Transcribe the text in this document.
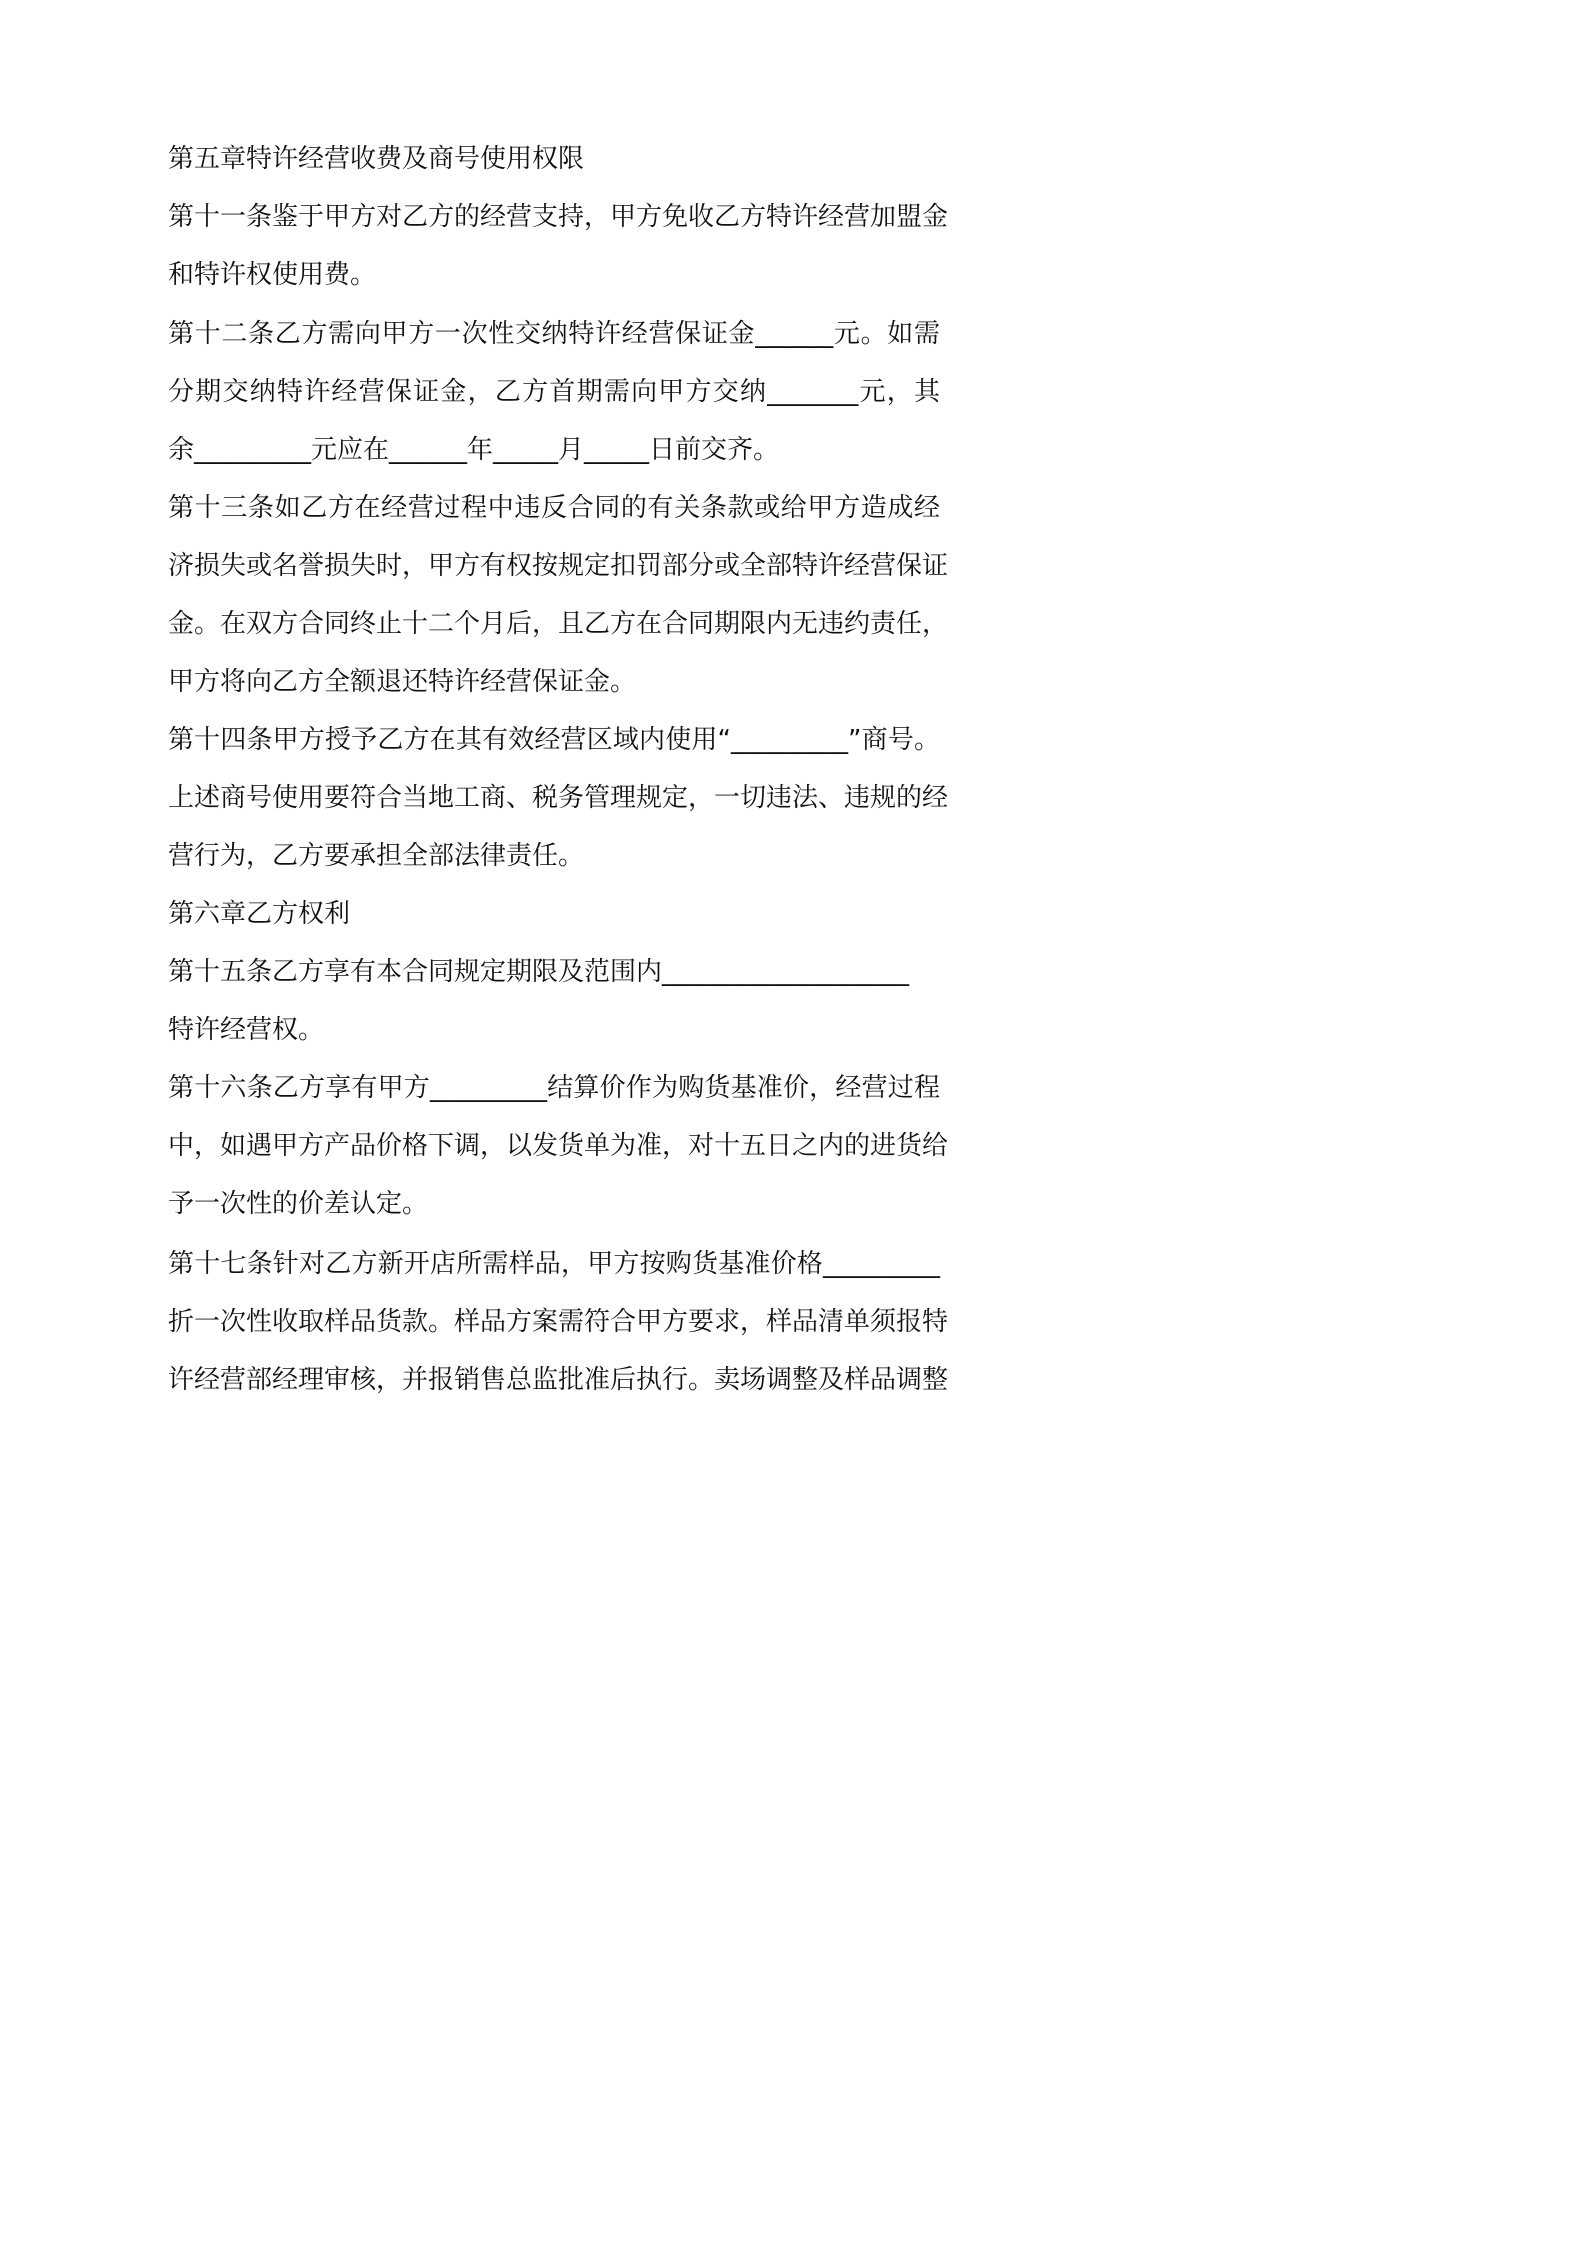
第五章特许经营收费及商号使用权限

第十一条鉴于甲方对乙方的经营支持，甲方免收乙方特许经营加盟金

和特许权使用费。

第十二条乙方需向甲方一次性交纳特许经营保证金______元。如需

分期交纳特许经营保证金，乙方首期需向甲方交纳_______元，其

余_________元应在______年_____月_____日前交齐。

第十三条如乙方在经营过程中违反合同的有关条款或给甲方造成经

济损失或名誉损失时，甲方有权按规定扣罚部分或全部特许经营保证

金。在双方合同终止十二个月后，且乙方在合同期限内无违约责任，

甲方将向乙方全额退还特许经营保证金。

第十四条甲方授予乙方在其有效经营区域内使用“_________”商号。

上述商号使用要符合当地工商、税务管理规定，一切违法、违规的经

营行为，乙方要承担全部法律责任。

第六章乙方权利

第十五条乙方享有本合同规定期限及范围内___________________

特许经营权。

第十六条乙方享有甲方_________结算价作为购货基准价，经营过程

中，如遇甲方产品价格下调，以发货单为准，对十五日之内的进货给

予一次性的价差认定。

第十七条针对乙方新开店所需样品，甲方按购货基准价格_________

折一次性收取样品货款。样品方案需符合甲方要求，样品清单须报特

许经营部经理审核，并报销售总监批准后执行。卖场调整及样品调整
